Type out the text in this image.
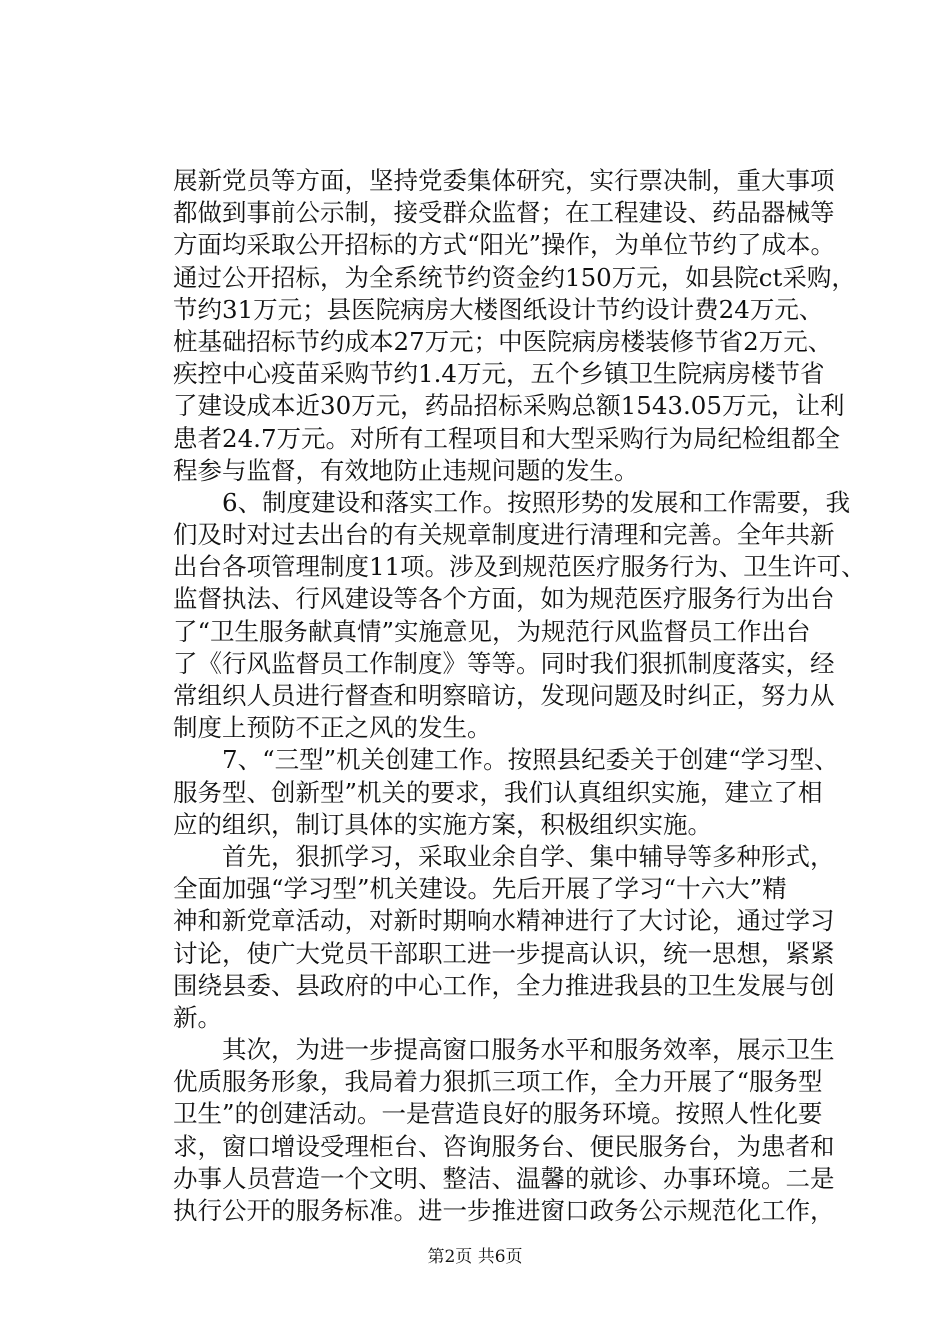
展新党员等方面，坚持党委集体研究，实行票决制，重大事项
都做到事前公示制，接受群众监督；在工程建设、药品器械等
方面均采取公开招标的方式“阳光”操作，为单位节约了成本。
通过公开招标，为全系统节约资金约150万元，如县院ct采购，
节约31万元；县医院病房大楼图纸设计节约设计费24万元、
桩基础招标节约成本27万元；中医院病房楼装修节省2万元、
疾控中心疫苗采购节约1.4万元，五个乡镇卫生院病房楼节省
了建设成本近30万元，药品招标采购总额1543.05万元，让利
患者24.7万元。对所有工程项目和大型采购行为局纪检组都全
程参与监督，有效地防止违规问题的发生。
　　6、制度建设和落实工作。按照形势的发展和工作需要，我
们及时对过去出台的有关规章制度进行清理和完善。全年共新
出台各项管理制度11项。涉及到规范医疗服务行为、卫生许可、
监督执法、行风建设等各个方面，如为规范医疗服务行为出台
了“卫生服务献真情”实施意见，为规范行风监督员工作出台
了《行风监督员工作制度》等等。同时我们狠抓制度落实，经
常组织人员进行督查和明察暗访，发现问题及时纠正，努力从
制度上预防不正之风的发生。
　　7、“三型”机关创建工作。按照县纪委关于创建“学习型、
服务型、创新型”机关的要求，我们认真组织实施，建立了相
应的组织，制订具体的实施方案，积极组织实施。
　　首先，狠抓学习，采取业余自学、集中辅导等多种形式，
全面加强“学习型”机关建设。先后开展了学习“十六大”精
神和新党章活动，对新时期响水精神进行了大讨论，通过学习
讨论，使广大党员干部职工进一步提高认识，统一思想，紧紧
围绕县委、县政府的中心工作，全力推进我县的卫生发展与创
新。
　　其次，为进一步提高窗口服务水平和服务效率，展示卫生
优质服务形象，我局着力狠抓三项工作，全力开展了“服务型
卫生”的创建活动。一是营造良好的服务环境。按照人性化要
求，窗口增设受理柜台、咨询服务台、便民服务台，为患者和
办事人员营造一个文明、整洁、温馨的就诊、办事环境。二是
执行公开的服务标准。进一步推进窗口政务公示规范化工作，
第2页 共6页
